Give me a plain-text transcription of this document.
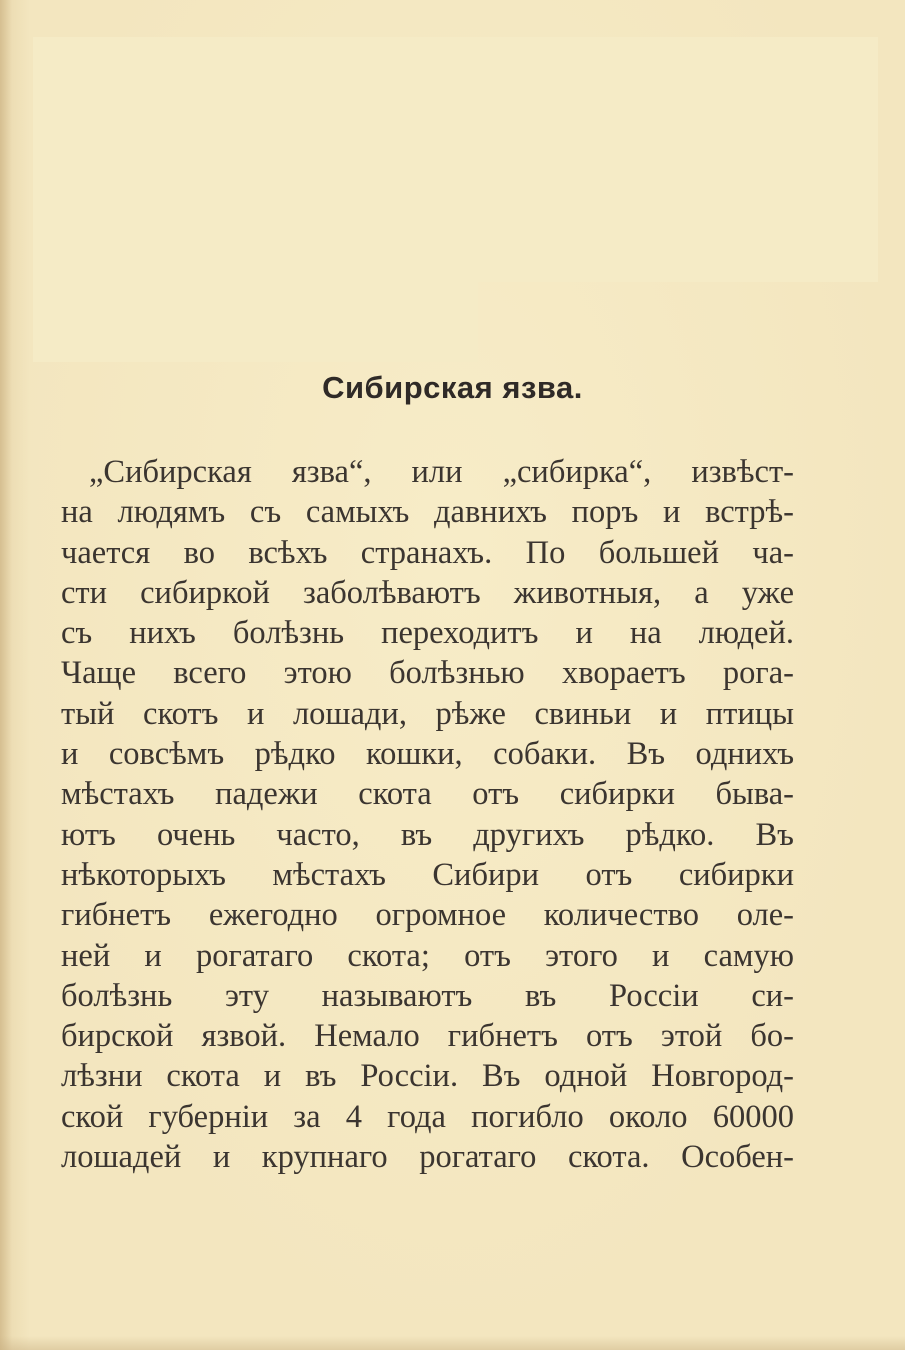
Сибирская язва.
„Сибирская язва“, или „сибирка“, извѣст-
на людямъ съ самыхъ давнихъ поръ и встрѣ-
чается во всѣхъ странахъ. По большей ча-
сти сибиркой заболѣваютъ животныя, а уже
съ нихъ болѣзнь переходитъ и на людей.
Чаще всего этою болѣзнью хвораетъ рога-
тый скотъ и лошади, рѣже свиньи и птицы
и совсѣмъ рѣдко кошки, собаки. Въ однихъ
мѣстахъ падежи скота отъ сибирки быва-
ютъ очень часто, въ другихъ рѣдко. Въ
нѣкоторыхъ мѣстахъ Сибири отъ сибирки
гибнетъ ежегодно огромное количество оле-
ней и рогатаго скота; отъ этого и самую
болѣзнь эту называютъ въ Россіи си-
бирской язвой. Немало гибнетъ отъ этой бо-
лѣзни скота и въ Россіи. Въ одной Новгород-
ской губерніи за 4 года погибло около 60000
лошадей и крупнаго рогатаго скота. Особен-
